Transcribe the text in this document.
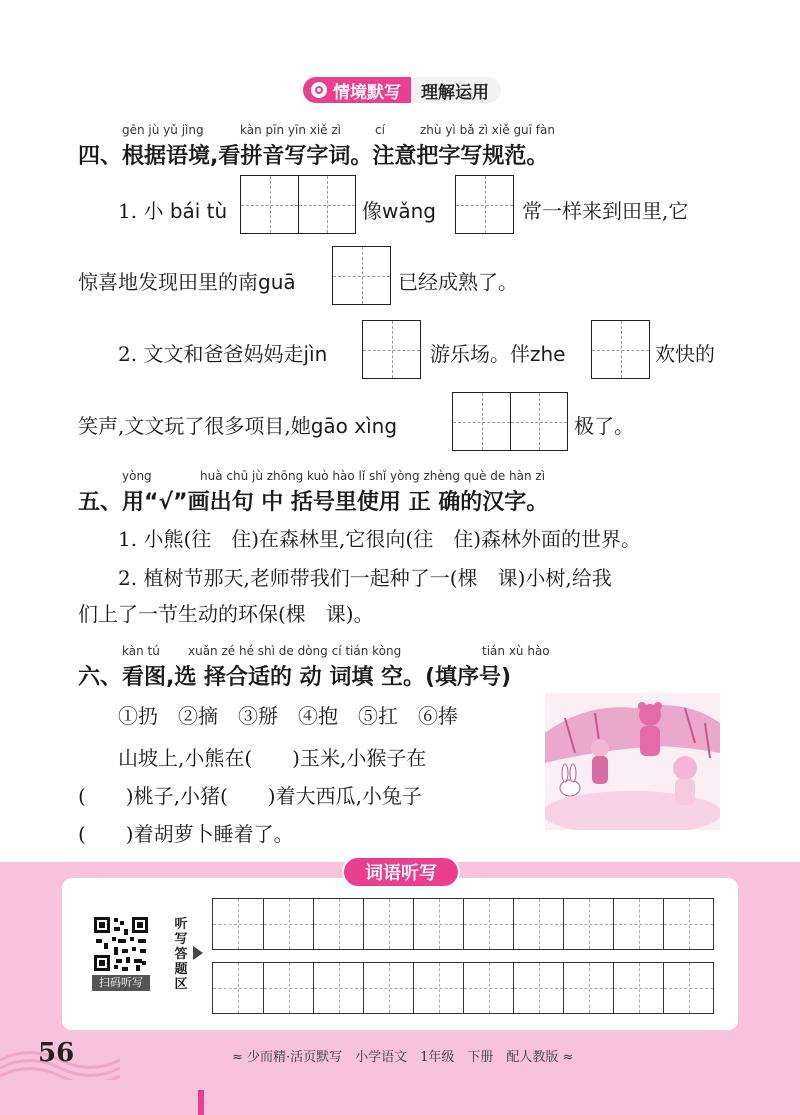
情境默写 理解运用
gēn jù yǔ jìng	kàn pīn yīn xiě zì	cí	zhù yì bǎ zì xiě guī fàn
四、根据语境,看拼音写字词。注意把字写规范。
1. 小 bái tù	像wǎng	常一样来到田里,它
惊喜地发现田里的南guā	已经成熟了。
2. 文文和爸爸妈妈走jìn	游乐场。伴zhe	欢快的
笑声,文文玩了很多项目,她gāo xìng	极了。
yòng	huà chū jù zhōng kuò hào lǐ shǐ yòng zhèng què de hàn zì
五、用“√”画出句 中 括号里使用 正 确的汉字。
1. 小熊(往　住)在森林里,它很向(往　住)森林外面的世界。
2. 植树节那天,老师带我们一起种了一(棵　课)小树,给我
们上了一节生动的环保(棵　课)。
kàn tú xuǎn zé hé shì de dòng cí tián kòng	tián xù hào
六、看图,选 择合适的 动 词填 空。(填序号)
①扔　②摘　③掰　④抱　⑤扛　⑥捧
山坡上,小熊在(　　)玉米,小猴子在
(　　)桃子,小猪(　　)着大西瓜,小兔子
(　　)着胡萝卜睡着了。
词语听写
扫码听写
听写答题区
56	≈ 少而精·活页默写　小学语文　1年级　下册　配人教版 ≈
